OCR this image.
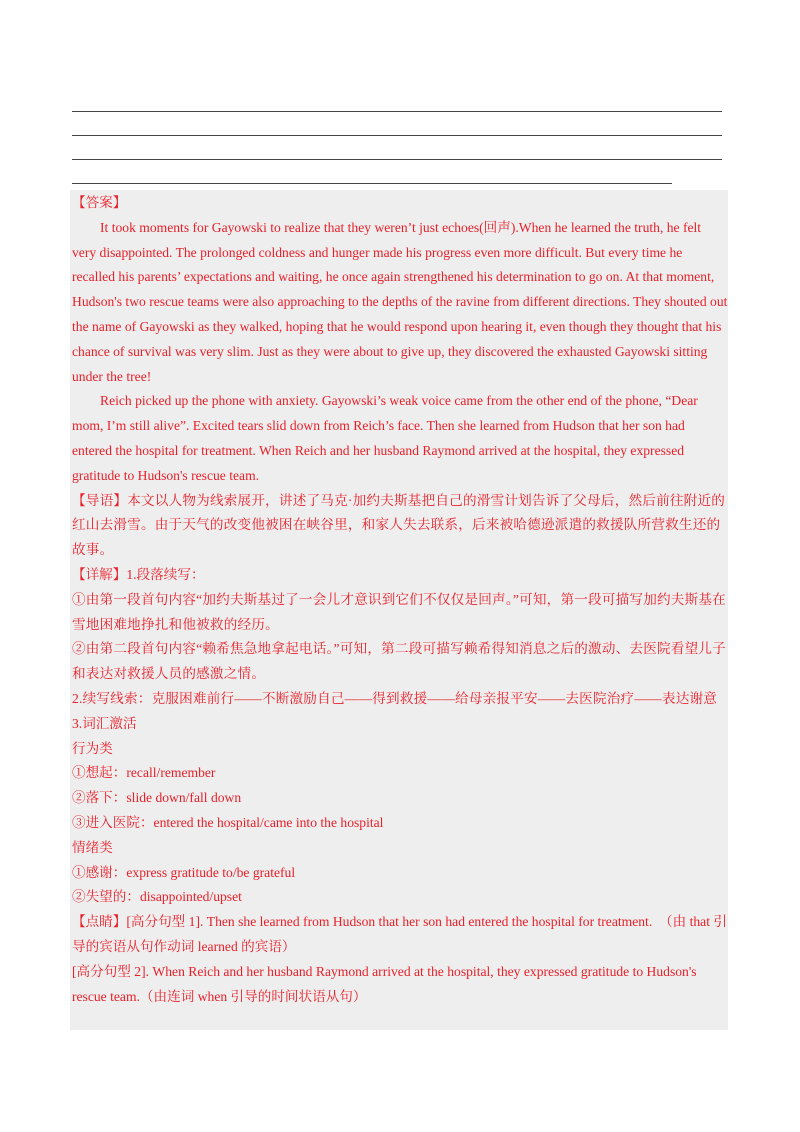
【答案】

It took moments for Gayowski to realize that they weren’t just echoes(回声).When he learned the truth, he felt very disappointed. The prolonged coldness and hunger made his progress even more difficult. But every time he recalled his parents’ expectations and waiting, he once again strengthened his determination to go on. At that moment, Hudson's two rescue teams were also approaching to the depths of the ravine from different directions. They shouted out the name of Gayowski as they walked, hoping that he would respond upon hearing it, even though they thought that his chance of survival was very slim. Just as they were about to give up, they discovered the exhausted Gayowski sitting under the tree!

Reich picked up the phone with anxiety. Gayowski’s weak voice came from the other end of the phone, “Dear mom, I’m still alive”. Excited tears slid down from Reich’s face. Then she learned from Hudson that her son had entered the hospital for treatment. When Reich and her husband Raymond arrived at the hospital, they expressed gratitude to Hudson's rescue team.

【导语】本文以人物为线索展开，讲述了马克·加约夫斯基把自己的滑雪计划告诉了父母后，然后前往附近的红山去滑雪。由于天气的改变他被困在峡谷里，和家人失去联系，后来被哈德逊派遣的救援队所营救生还的故事。

【详解】1.段落续写：

①由第一段首句内容“加约夫斯基过了一会儿才意识到它们不仅仅是回声。”可知，第一段可描写加约夫斯基在雪地困难地挣扎和他被救的经历。

②由第二段首句内容“赖希焦急地拿起电话。”可知，第二段可描写赖希得知消息之后的激动、去医院看望儿子和表达对救援人员的感激之情。

2.续写线索：克服困难前行——不断激励自己——得到救援——给母亲报平安——去医院治疗——表达谢意

3.词汇激活

行为类

①想起：recall/remember

②落下：slide down/fall down

③进入医院：entered the hospital/came into the hospital

情绪类

①感谢：express gratitude to/be grateful

②失望的：disappointed/upset

【点睛】[高分句型 1]. Then she learned from Hudson that her son had entered the hospital for treatment.　（由 that 引导的宾语从句作动词 learned 的宾语）

[高分句型 2]. When Reich and her husband Raymond arrived at the hospital, they expressed gratitude to Hudson's rescue team.（由连词 when 引导的时间状语从句）
